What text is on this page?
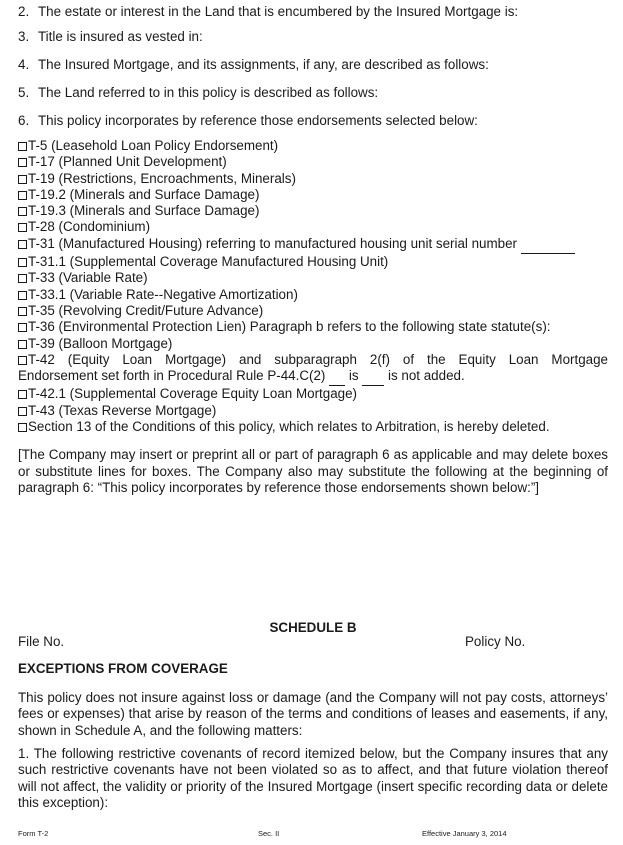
2. The estate or interest in the Land that is encumbered by the Insured Mortgage is:
3. Title is insured as vested in:
4. The Insured Mortgage, and its assignments, if any, are described as follows:
5. The Land referred to in this policy is described as follows:
6. This policy incorporates by reference those endorsements selected below:
T-5 (Leasehold Loan Policy Endorsement)
T-17 (Planned Unit Development)
T-19 (Restrictions, Encroachments, Minerals)
T-19.2 (Minerals and Surface Damage)
T-19.3 (Minerals and Surface Damage)
T-28 (Condominium)
T-31 (Manufactured Housing) referring to manufactured housing unit serial number
T-31.1 (Supplemental Coverage Manufactured Housing Unit)
T-33 (Variable Rate)
T-33.1 (Variable Rate--Negative Amortization)
T-35 (Revolving Credit/Future Advance)
T-36 (Environmental Protection Lien) Paragraph b refers to the following state statute(s):
T-39 (Balloon Mortgage)
T-42 (Equity Loan Mortgage) and subparagraph 2(f) of the Equity Loan Mortgage
Endorsement set forth in Procedural Rule P-44.C(2) is is not added.
T-42.1 (Supplemental Coverage Equity Loan Mortgage)
T-43 (Texas Reverse Mortgage)
Section 13 of the Conditions of this policy, which relates to Arbitration, is hereby deleted.
[The Company may insert or preprint all or part of paragraph 6 as applicable and may delete boxes or substitute lines for boxes. The Company also may substitute the following at the beginning of paragraph 6: “This policy incorporates by reference those endorsements shown below:”]
SCHEDULE B
File No.	Policy No.
EXCEPTIONS FROM COVERAGE
This policy does not insure against loss or damage (and the Company will not pay costs, attorneys’ fees or expenses) that arise by reason of the terms and conditions of leases and easements, if any, shown in Schedule A, and the following matters:
1. The following restrictive covenants of record itemized below, but the Company insures that any such restrictive covenants have not been violated so as to affect, and that future violation thereof will not affect, the validity or priority of the Insured Mortgage (insert specific recording data or delete this exception):
Form T-2	Sec. II	Effective January 3, 2014
